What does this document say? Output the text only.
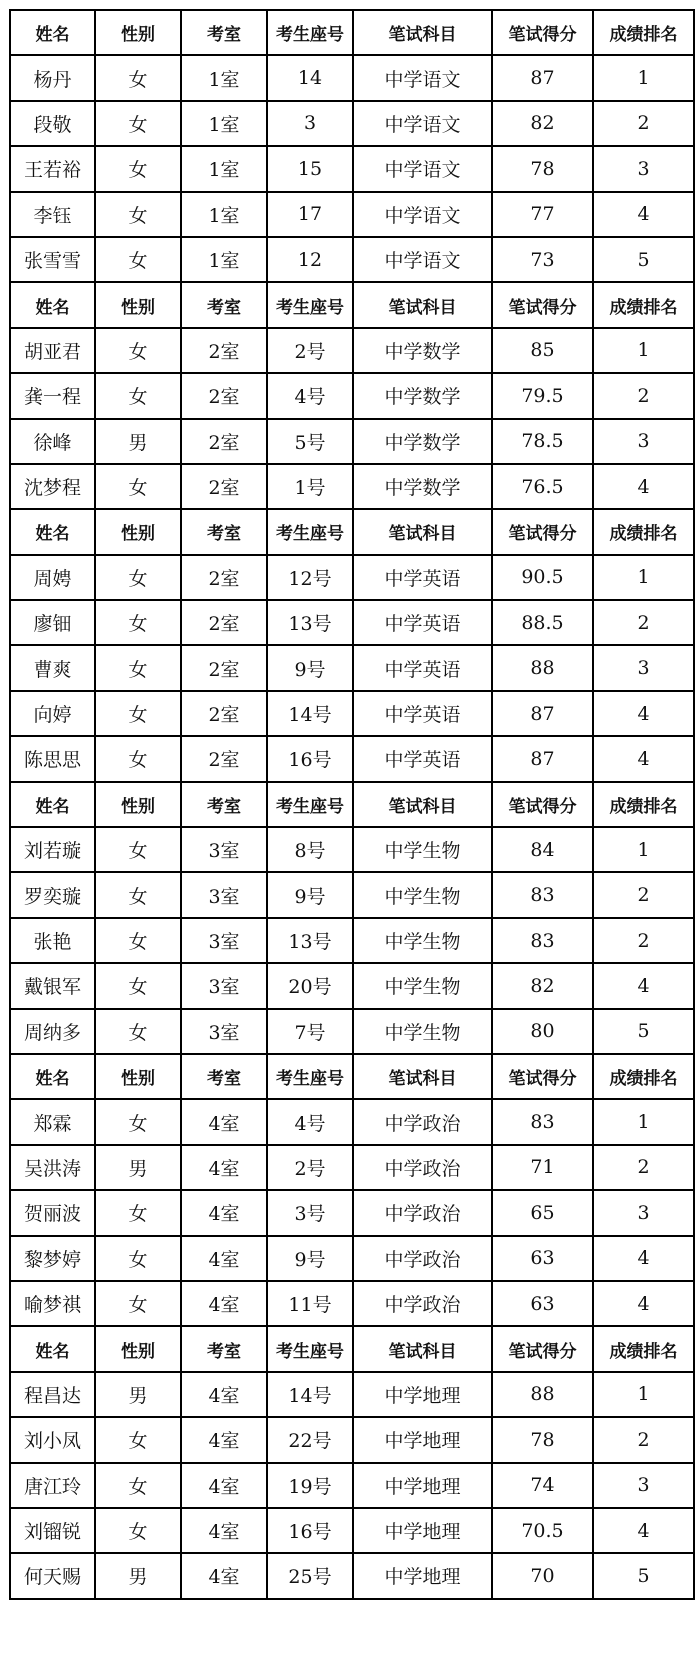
姓名	性别	考室	考生座号	笔试科目	笔试得分	成绩排名
杨丹	女	1室	14	中学语文	87	1
段敬	女	1室	3	中学语文	82	2
王若裕	女	1室	15	中学语文	78	3
李钰	女	1室	17	中学语文	77	4
张雪雪	女	1室	12	中学语文	73	5
姓名	性别	考室	考生座号	笔试科目	笔试得分	成绩排名
胡亚君	女	2室	2号	中学数学	85	1
龚一程	女	2室	4号	中学数学	79.5	2
徐峰	男	2室	5号	中学数学	78.5	3
沈梦程	女	2室	1号	中学数学	76.5	4
姓名	性别	考室	考生座号	笔试科目	笔试得分	成绩排名
周娉	女	2室	12号	中学英语	90.5	1
廖钿	女	2室	13号	中学英语	88.5	2
曹爽	女	2室	9号	中学英语	88	3
向婷	女	2室	14号	中学英语	87	4
陈思思	女	2室	16号	中学英语	87	4
姓名	性别	考室	考生座号	笔试科目	笔试得分	成绩排名
刘若璇	女	3室	8号	中学生物	84	1
罗奕璇	女	3室	9号	中学生物	83	2
张艳	女	3室	13号	中学生物	83	2
戴银军	女	3室	20号	中学生物	82	4
周纳多	女	3室	7号	中学生物	80	5
姓名	性别	考室	考生座号	笔试科目	笔试得分	成绩排名
郑霖	女	4室	4号	中学政治	83	1
吴洪涛	男	4室	2号	中学政治	71	2
贺丽波	女	4室	3号	中学政治	65	3
黎梦婷	女	4室	9号	中学政治	63	4
喻梦祺	女	4室	11号	中学政治	63	4
姓名	性别	考室	考生座号	笔试科目	笔试得分	成绩排名
程昌达	男	4室	14号	中学地理	88	1
刘小凤	女	4室	22号	中学地理	78	2
唐江玲	女	4室	19号	中学地理	74	3
刘镏锐	女	4室	16号	中学地理	70.5	4
何天赐	男	4室	25号	中学地理	70	5
